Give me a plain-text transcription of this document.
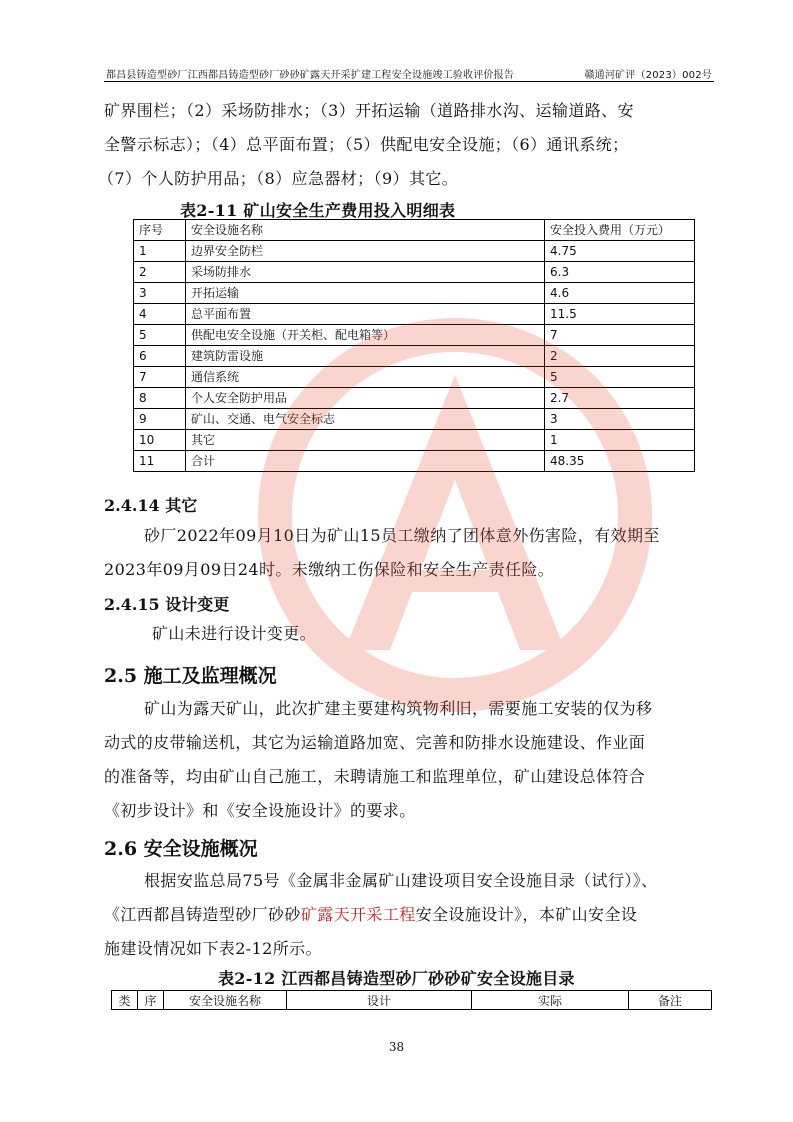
都昌县铸造型砂厂江西都昌铸造型砂厂砂砂矿露天开采扩建工程安全设施竣工验收评价报告	赣通河矿评（2023）002号

矿界围栏；（2）采场防排水；（3）开拓运输（道路排水沟、运输道路、安

全警示标志）；（4）总平面布置；（5）供配电安全设施；（6）通讯系统；

（7）个人防护用品；（8）应急器材；（9）其它。

表2-11 矿山安全生产费用投入明细表
序号	安全设施名称	安全投入费用（万元）
1	边界安全防栏	4.75
2	采场防排水	6.3
3	开拓运输	4.6
4	总平面布置	11.5
5	供配电安全设施（开关柜、配电箱等）	7
6	建筑防雷设施	2
7	通信系统	5
8	个人安全防护用品	2.7
9	矿山、交通、电气安全标志	3
10	其它	1
11	合计	48.35
2.4.14 其它

砂厂2022年09月10日为矿山15员工缴纳了团体意外伤害险，有效期至

2023年09月09日24时。未缴纳工伤保险和安全生产责任险。

2.4.15 设计变更

矿山未进行设计变更。

2.5 施工及监理概况

矿山为露天矿山，此次扩建主要建构筑物利旧，需要施工安装的仅为移

动式的皮带输送机，其它为运输道路加宽、完善和防排水设施建设、作业面

的准备等，均由矿山自己施工，未聘请施工和监理单位，矿山建设总体符合

《初步设计》和《安全设施设计》的要求。

2.6 安全设施概况

根据安监总局75号《金属非金属矿山建设项目安全设施目录（试行）》、

《江西都昌铸造型砂厂砂砂矿露天开采工程安全设施设计》，本矿山安全设

施建设情况如下表2-12所示。

表2-12 江西都昌铸造型砂厂砂砂矿安全设施目录
类	序	安全设施名称	设计	实际	备注
38
